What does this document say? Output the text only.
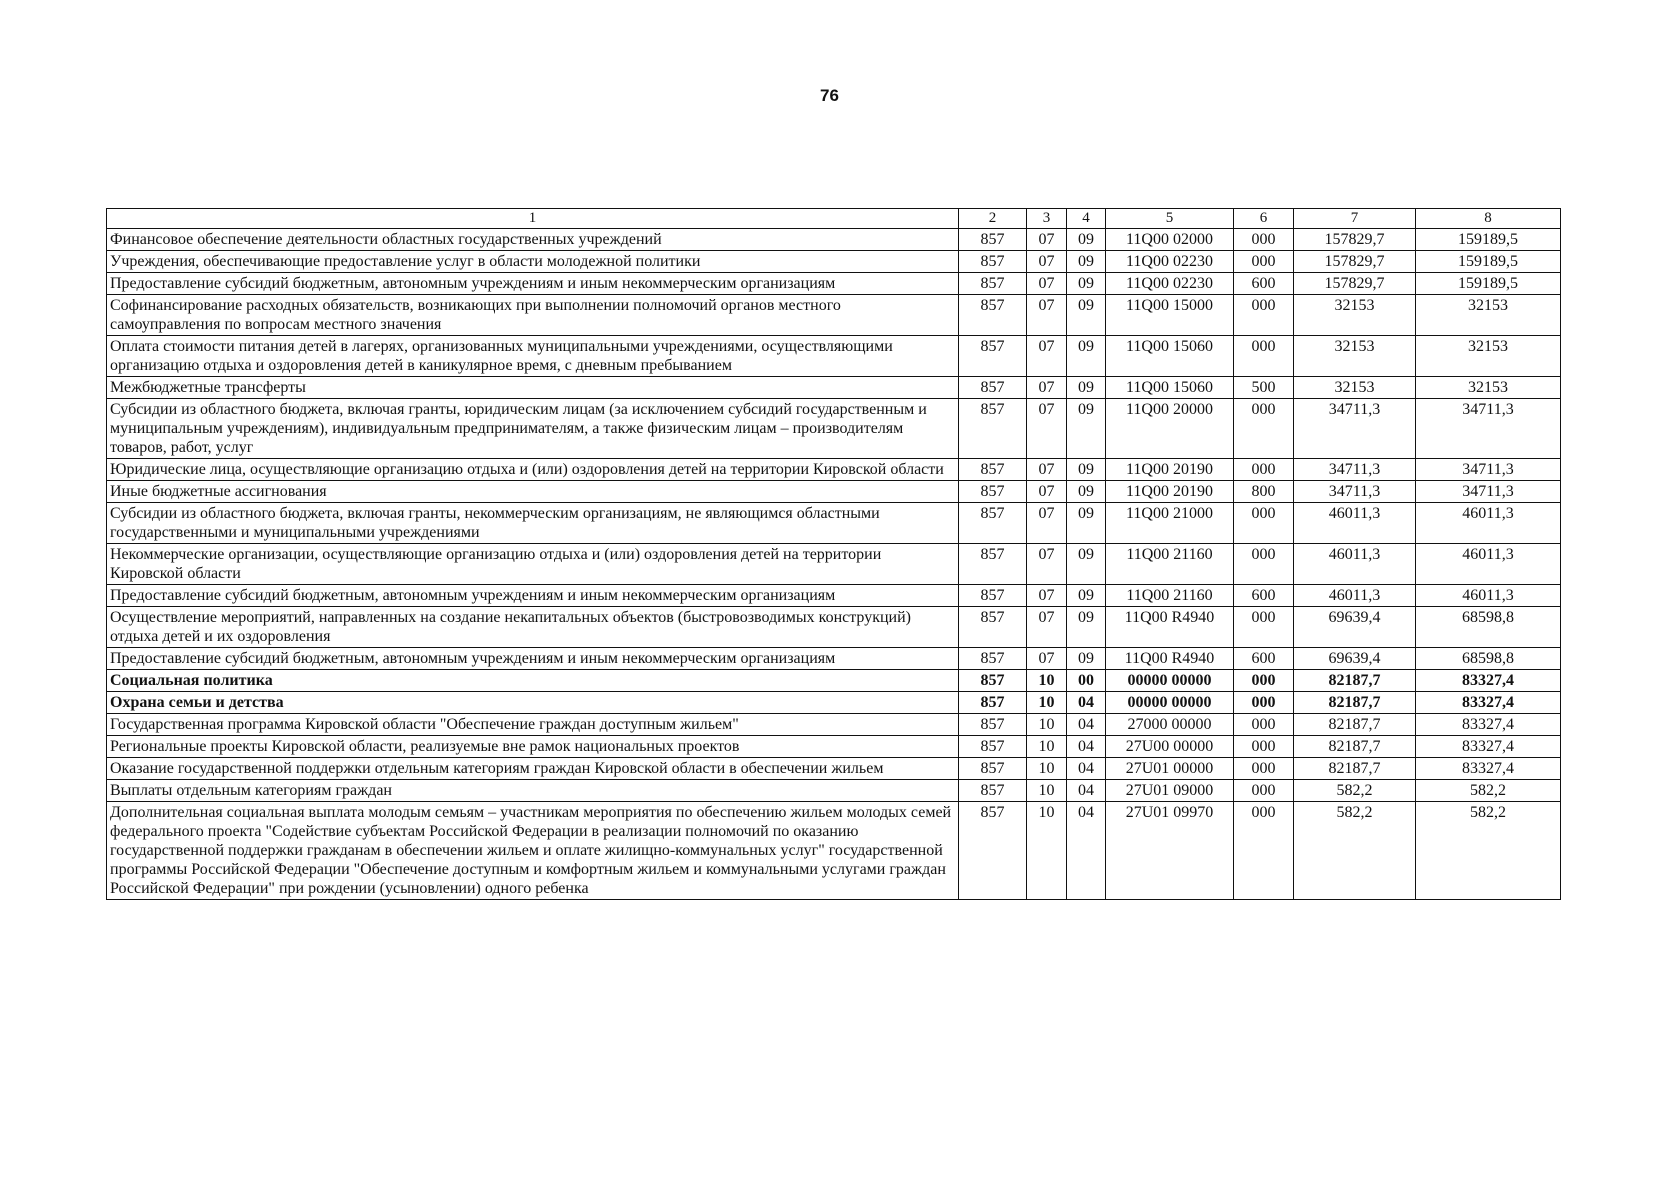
76
1	2	3	4	5	6	7	8
Финансовое обеспечение деятельности областных государственных учреждений	857	07	09	11Q00 02000	000	157829,7	159189,5
Учреждения, обеспечивающие предоставление услуг в области молодежной политики	857	07	09	11Q00 02230	000	157829,7	159189,5
Предоставление субсидий бюджетным, автономным учреждениям и иным некоммерческим организациям	857	07	09	11Q00 02230	600	157829,7	159189,5
Софинансирование расходных обязательств, возникающих при выполнении полномочий органов местного самоуправления по вопросам местного значения	857	07	09	11Q00 15000	000	32153	32153
Оплата стоимости питания детей в лагерях, организованных муниципальными учреждениями, осуществляющими организацию отдыха и оздоровления детей в каникулярное время, с дневным пребыванием	857	07	09	11Q00 15060	000	32153	32153
Межбюджетные трансферты	857	07	09	11Q00 15060	500	32153	32153
Субсидии из областного бюджета, включая гранты, юридическим лицам (за исключением субсидий государственным и муниципальным учреждениям), индивидуальным предпринимателям, а также физическим лицам – производителям товаров, работ, услуг	857	07	09	11Q00 20000	000	34711,3	34711,3
Юридические лица, осуществляющие организацию отдыха и (или) оздоровления детей на территории Кировской области	857	07	09	11Q00 20190	000	34711,3	34711,3
Иные бюджетные ассигнования	857	07	09	11Q00 20190	800	34711,3	34711,3
Субсидии из областного бюджета, включая гранты, некоммерческим организациям, не являющимся областными государственными и муниципальными учреждениями	857	07	09	11Q00 21000	000	46011,3	46011,3
Некоммерческие организации, осуществляющие организацию отдыха и (или) оздоровления детей на территории Кировской области	857	07	09	11Q00 21160	000	46011,3	46011,3
Предоставление субсидий бюджетным, автономным учреждениям и иным некоммерческим организациям	857	07	09	11Q00 21160	600	46011,3	46011,3
Осуществление мероприятий, направленных на создание некапитальных объектов (быстровозводимых конструкций) отдыха детей и их оздоровления	857	07	09	11Q00 R4940	000	69639,4	68598,8
Предоставление субсидий бюджетным, автономным учреждениям и иным некоммерческим организациям	857	07	09	11Q00 R4940	600	69639,4	68598,8
Социальная политика	857	10	00	00000 00000	000	82187,7	83327,4
Охрана семьи и детства	857	10	04	00000 00000	000	82187,7	83327,4
Государственная программа Кировской области "Обеспечение граждан доступным жильем"	857	10	04	27000 00000	000	82187,7	83327,4
Региональные проекты Кировской области, реализуемые вне рамок национальных проектов	857	10	04	27U00 00000	000	82187,7	83327,4
Оказание государственной поддержки отдельным категориям граждан Кировской области в обеспечении жильем	857	10	04	27U01 00000	000	82187,7	83327,4
Выплаты отдельным категориям граждан	857	10	04	27U01 09000	000	582,2	582,2
Дополнительная социальная выплата молодым семьям – участникам мероприятия по обеспечению жильем молодых семей федерального проекта "Содействие субъектам Российской Федерации в реализации полномочий по оказанию государственной поддержки гражданам в обеспечении жильем и оплате жилищно-коммунальных услуг" государственной программы Российской Федерации "Обеспечение доступным и комфортным жильем и коммунальными услугами граждан Российской Федерации" при рождении (усыновлении) одного ребенка	857	10	04	27U01 09970	000	582,2	582,2
